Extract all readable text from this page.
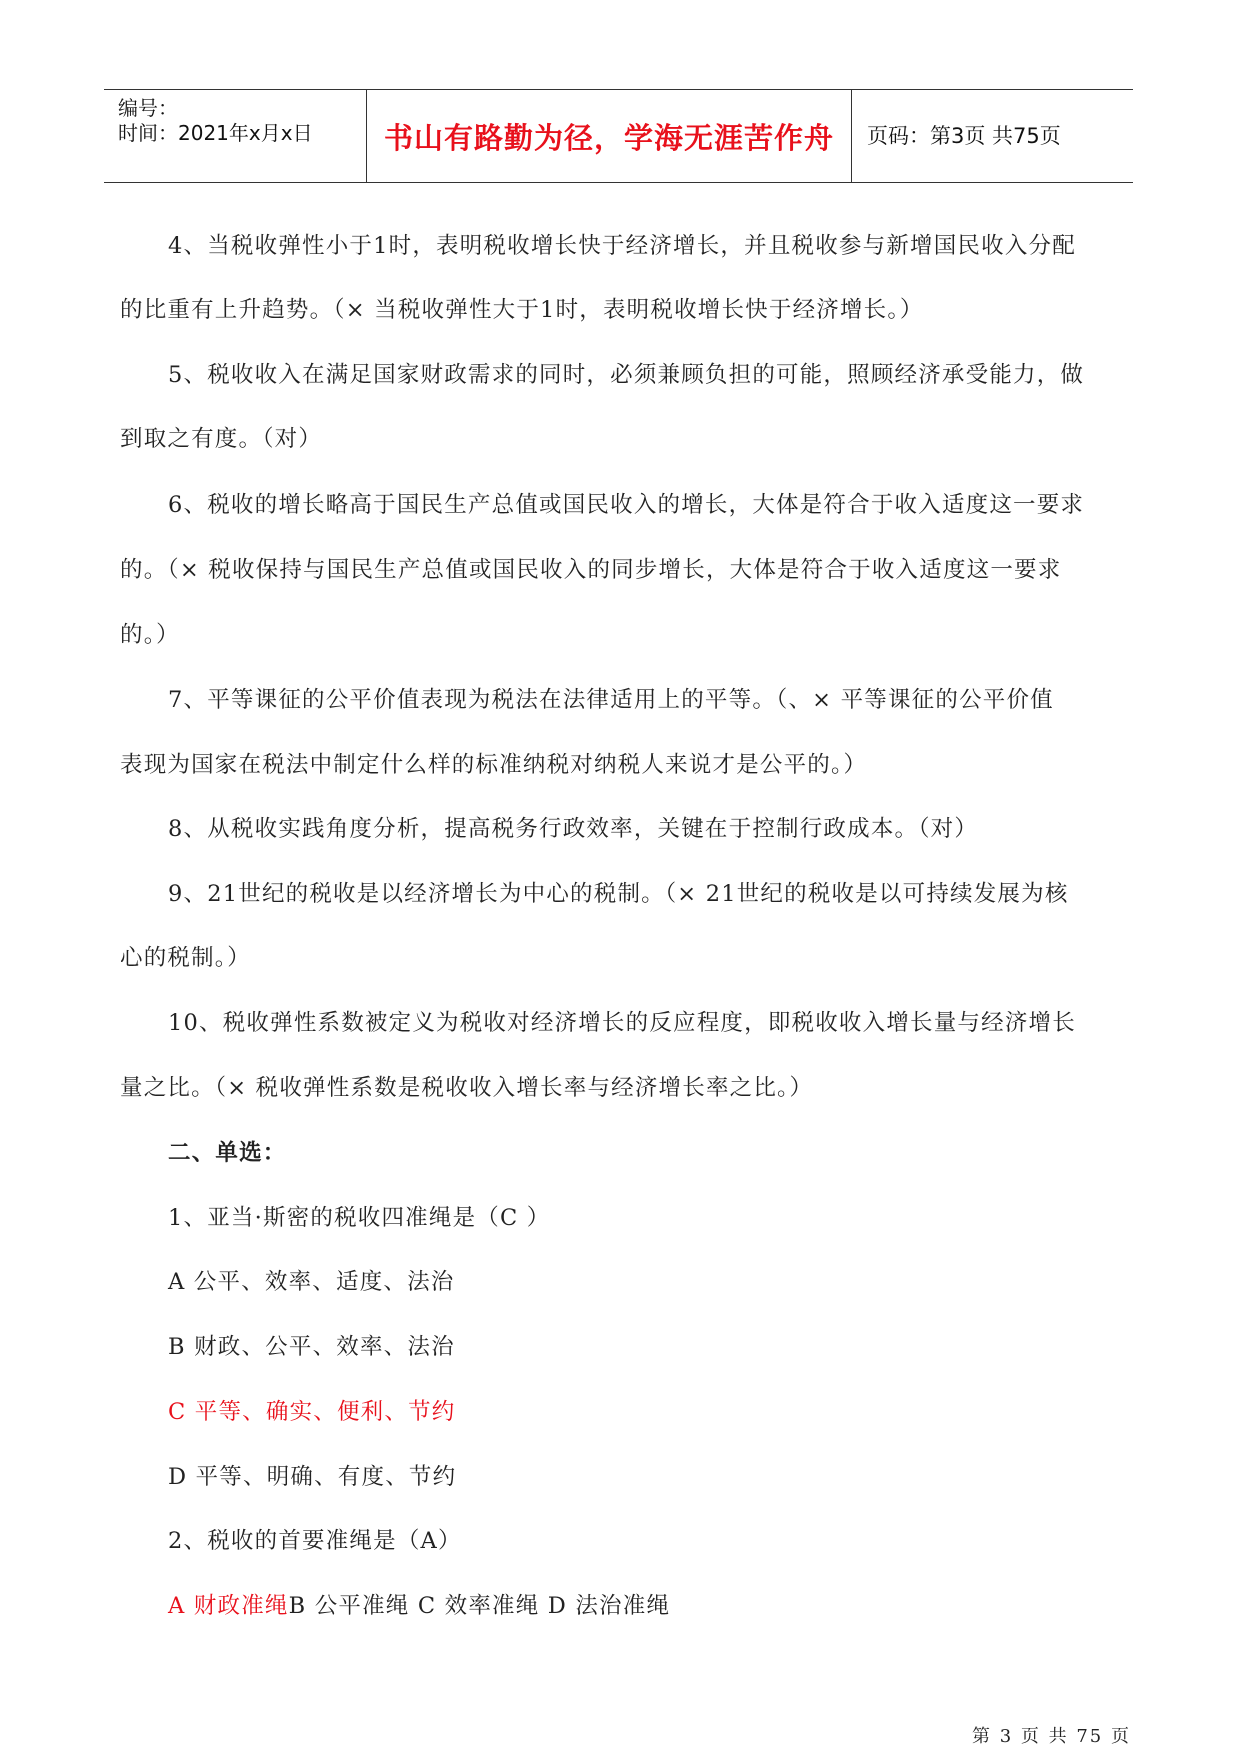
编号：
时间：2021年x月x日	书山有路勤为径，学海无涯苦作舟	页码：第3页 共75页
4、当税收弹性小于1时，表明税收增长快于经济增长，并且税收参与新增国民收入分配
的比重有上升趋势。（× 当税收弹性大于1时，表明税收增长快于经济增长。）
5、税收收入在满足国家财政需求的同时，必须兼顾负担的可能，照顾经济承受能力，做
到取之有度。（对）
6、税收的增长略高于国民生产总值或国民收入的增长，大体是符合于收入适度这一要求
的。（× 税收保持与国民生产总值或国民收入的同步增长，大体是符合于收入适度这一要求
的。）
7、平等课征的公平价值表现为税法在法律适用上的平等。（、× 平等课征的公平价值
表现为国家在税法中制定什么样的标准纳税对纳税人来说才是公平的。）
8、从税收实践角度分析，提高税务行政效率，关键在于控制行政成本。（对）
9、21世纪的税收是以经济增长为中心的税制。（× 21世纪的税收是以可持续发展为核
心的税制。）
10、税收弹性系数被定义为税收对经济增长的反应程度，即税收收入增长量与经济增长
量之比。（× 税收弹性系数是税收收入增长率与经济增长率之比。）
二、单选：
1、亚当·斯密的税收四准绳是（C ）
A 公平、效率、适度、法治
B 财政、公平、效率、法治
C 平等、确实、便利、节约
D 平等、明确、有度、节约
2、税收的首要准绳是（A）
A 财政准绳B 公平准绳 C 效率准绳 D 法治准绳
第 3 页 共 75 页
